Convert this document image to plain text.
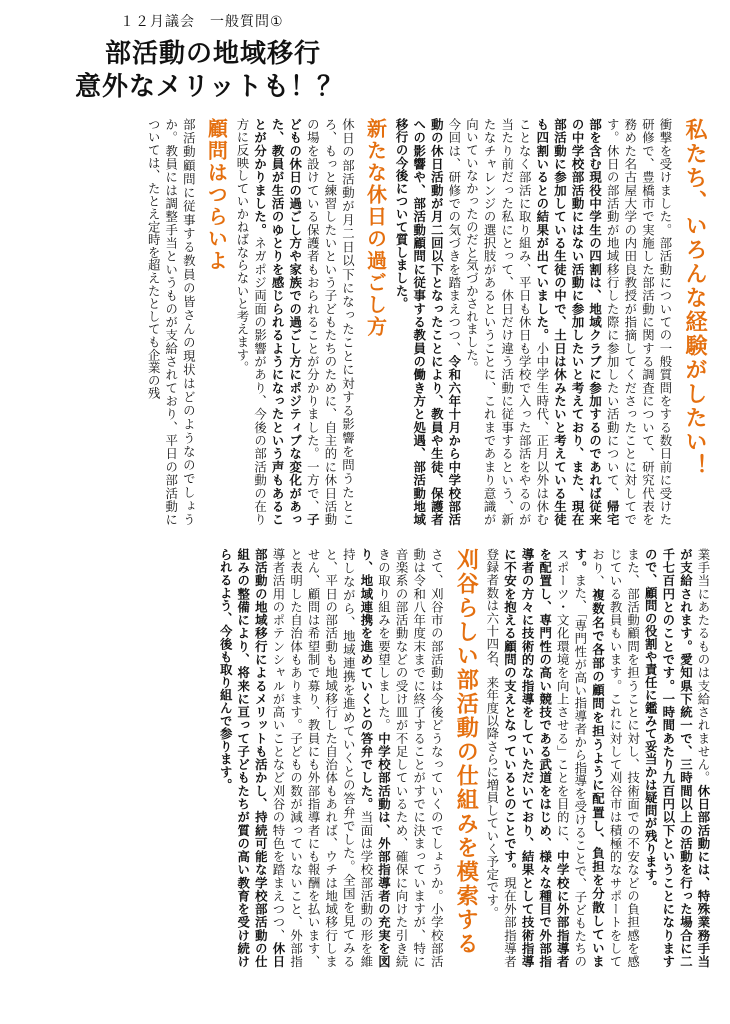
１２月議会　一般質問①
部活動の地域移行
意外なメリットも！？
私たち、いろんな経験がしたい！

衝撃を受けました。部活動についての一般質問をする数日前に受けた研修で、豊橋市で実施した部活動に関する調査について、研究代表を務めた名古屋大学の内田良教授が指摘してくださったことに対してです。休日の部活動が地域移行した際に参加したい活動について、帰宅部を含む現役中学生の四割は、地域クラブに参加するのであれば従来の中学校部活動にはない活動に参加したいと考えており、また、現在部活動に参加している生徒の中で、土日は休みたいと考えている生徒も四割いるとの結果が出ていました。小中学生時代、正月以外は休むことなく部活に取り組み、平日も休日も学校で入った部活をやるのが当たり前だった私にとって、休日だけ違う活動に従事するという、新たなチャレンジの選択肢があるということに、これまであまり意識が向いていなかったのだと気づかされました。

今回は、研修での気づきを踏まえつつ、令和六年十月から中学校部活動の休日活動が月二回以下となったことにより、教員や生徒、保護者への影響や、部活動顧問に従事する教員の働き方と処遇、部活動地域移行の今後について質しました。

新たな休日の過ごし方

休日の部活動が月二日以下になったことに対する影響を問うたところ、もっと練習したいという子どもたちのために、自主的に休日活動の場を設けている保護者もおられることが分かりました。一方で、子どもの休日の過ごし方や家族での過ごし方にポジティブな変化があった、教員が生活のゆとりを感じられるようになったという声もあることが分かりました。ネガポジ両面の影響があり、今後の部活動の在り方に反映していかねばならないと考えます。

顧問はつらいよ

部活動顧問に従事する教員の皆さんの現状はどのようなのでしょうか。教員には調整手当というものが支給されており、平日の部活動については、たとえ定時を超えたとしても企業の残

業手当にあたるものは支給されません。休日部活動には、特殊業務手当が支給されます。愛知県下統一で、三時間以上の活動を行った場合に二千七百円とのことです。一時間あたり九百円以下ということになりますので、顧問の役割や責任に鑑みて妥当かは疑問が残ります。

また、部活動顧問を担うことに対し、技術面での不安などの負担感を感じている教員もいます。これに対して刈谷市は積極的なサポートをしており、複数名で各部の顧問を担うように配置し、負担を分散しています。また、「専門性が高い指導者から指導を受けることで、子どもたちのスポーツ・文化環境を向上させる」ことを目的に、中学校に外部指導者を配置し、専門性の高い競技である武道をはじめ、様々な種目で外部指導者の方々に技術的な指導をしていただいており、結果として技術指導に不安を抱える顧問の支えとなっているとのことです。現在外部指導者登録者数は六十四名、来年度以降さらに増員していく予定です。

刈谷らしい部活動の仕組みを模索する

さて、刈谷市の部活動は今後どうなっていくのでしょうか。小学校部活動は令和八年度末までに終了することがすでに決まっていますが、特に音楽系の部活動などの受け皿が不足しているため、確保に向けた引き続きの取り組みを要望しました。中学校部活動は、外部指導者の充実を図り、地域連携を進めていくとの答弁でした。当面は学校部活動の形を維持しながら、地域連携を進めていくとの答弁でした。全国を見てみると、平日の部活動も地域移行した自治体もあれば、ウチは地域移行しません、顧問は希望制で募り、教員にも外部指導者にも報酬を払います、と表明した自治体もあります。子どもの数が減っていないこと、外部指導者活用のポテンシャルが高いことなど刈谷の特色を踏まえつつ、休日部活動の地域移行によるメリットも活かし、持続可能な学校部活動の仕組みの整備により、将来に亘って子どもたちが質の高い教育を受け続けられるよう、今後も取り組んで参ります。
